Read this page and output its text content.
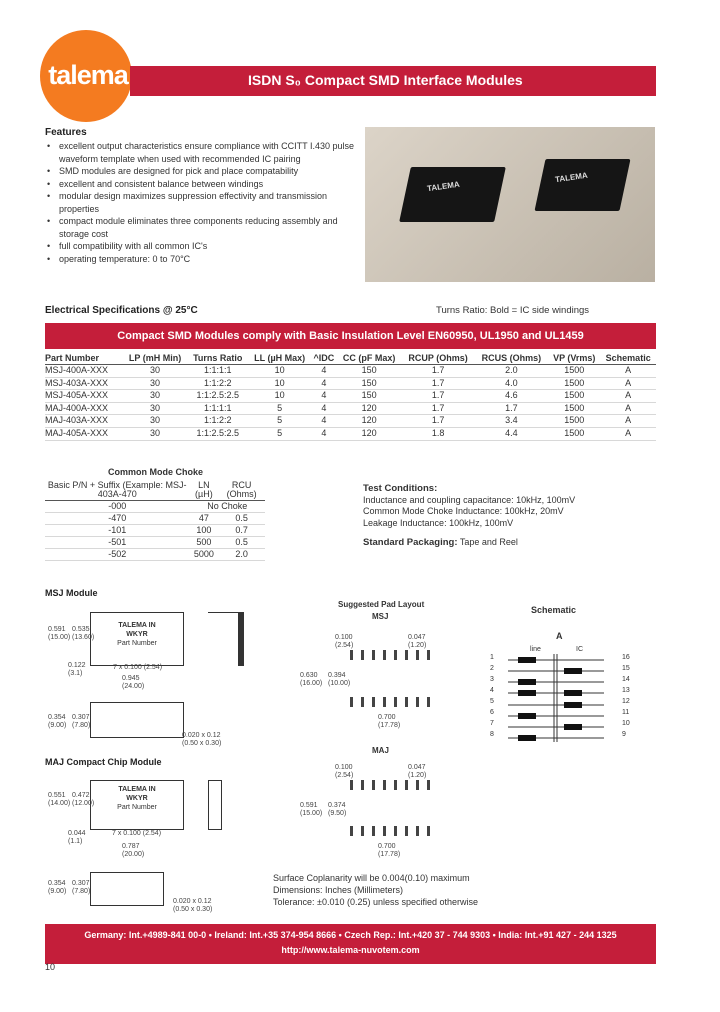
talema	ISDN S₀ Compact SMD Interface Modules
Features
• excellent output characteristics ensure compliance with CCITT I.430 pulse waveform template when used with recommended IC pairing
• SMD modules are designed for pick and place compatability
• excellent and consistent balance between windings
• modular design maximizes suppression effectivity and transmission properties
• compact module eliminates three components reducing assembly and storage cost
• full compatibility with all common IC's
• operating temperature: 0 to 70°C
TALEMA
TALEMA
Electrical Specifications @ 25°C	Turns Ratio: Bold = IC side windings
Compact SMD Modules comply with Basic Insulation Level EN60950, UL1950 and UL1459
Part Number	LP (mH Min)	Turns Ratio	LL (µH Max)	^IDC	CC (pF Max)	RCUP (Ohms)	RCUS (Ohms)	VP (Vrms)	Schematic
MSJ-400A-XXX	30	1:1:1:1	10	4	150	1.7	2.0	1500	A
MSJ-403A-XXX	30	1:1:2:2	10	4	150	1.7	4.0	1500	A
MSJ-405A-XXX	30	1:1:2.5:2.5	10	4	150	1.7	4.6	1500	A
MAJ-400A-XXX	30	1:1:1:1	5	4	120	1.7	1.7	1500	A
MAJ-403A-XXX	30	1:1:2:2	5	4	120	1.7	3.4	1500	A
MAJ-405A-XXX	30	1:1:2.5:2.5	5	4	120	1.8	4.4	1500	A
Common Mode Choke
Basic P/N + Suffix (Example: MSJ-403A-470	LN (µH)	RCU (Ohms)
-000	No Choke	
-470	47	0.5
-101	100	0.7
-501	500	0.5
-502	5000	2.0
Test Conditions:
Inductance and coupling capacitance: 10kHz, 100mV
Common Mode Choke Inductance: 100kHz, 20mV
Leakage Inductance: 100kHz, 100mV
Standard Packaging: Tape and Reel
MSJ Module
TALEMA IN
WKYR
Part Number
0.591
(15.00)
0.535
(13.60)
0.122
(3.1)
7 x 0.100 (2.54)
0.945
(24.00)
0.354
(9.00)
0.307
(7.80)
0.020 x 0.12
(0.50 x 0.30)
MAJ Compact Chip Module
TALEMA IN
WKYR
Part Number
0.551
(14.00)
0.472
(12.00)
0.044
(1.1)
7 x 0.100 (2.54)
0.787
(20.00)
0.354
(9.00)
0.307
(7.80)
0.020 x 0.12
(0.50 x 0.30)
Suggested Pad Layout
MSJ
0.100
(2.54)
0.047
(1.20)
0.630
(16.00)
0.394
(10.00)
0.700
(17.78)
MAJ
0.100
(2.54)
0.047
(1.20)
0.591
(15.00)
0.374
(9.50)
0.700
(17.78)
Schematic
A
line	IC
1
2
3
4
5
6
7
8
16
15
14
13
12
11
10
9
Surface Coplanarity will be 0.004(0.10) maximum
Dimensions: Inches (Millimeters)
Tolerance: ±0.010 (0.25) unless specified otherwise
Germany: Int.+4989-841 00-0 • Ireland: Int.+35 374-954 8666 • Czech Rep.: Int.+420 37 - 744 9303 • India: Int.+91 427 - 244 1325
http://www.talema-nuvotem.com
10
